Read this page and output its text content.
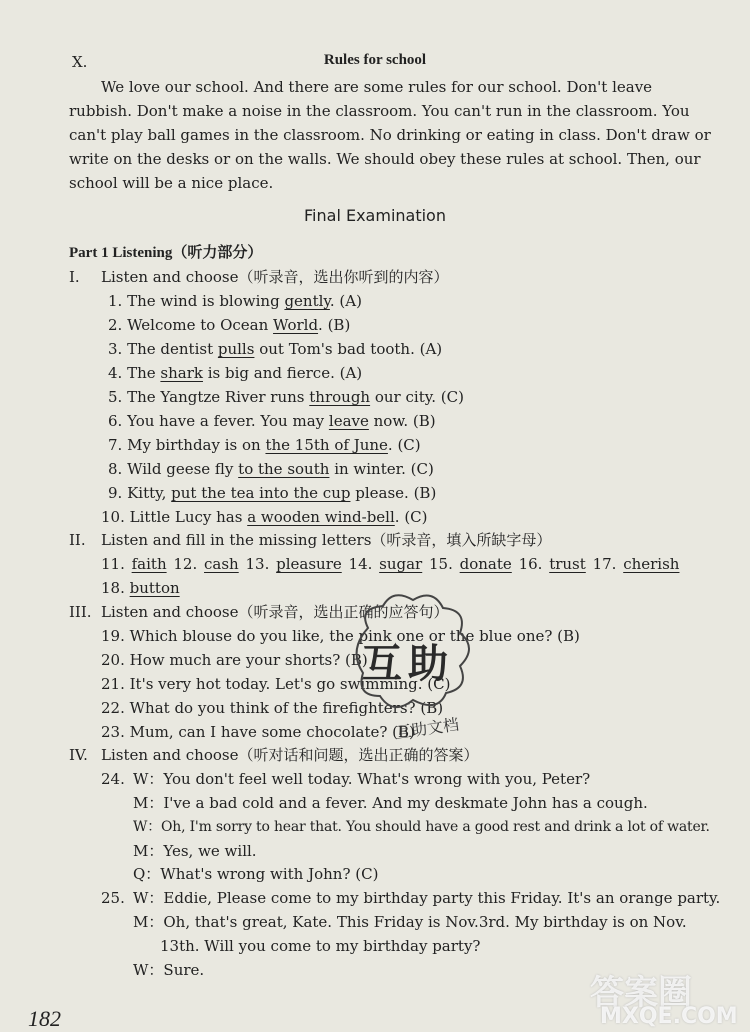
X.	Rules for school
We love our school. And there are some rules for our school. Don't leave
rubbish. Don't make a noise in the classroom. You can't run in the classroom. You
can't play ball games in the classroom. No drinking or eating in class. Don't draw or
write on the desks or on the walls. We should obey these rules at school. Then, our
school will be a nice place.
Final Examination
Part 1 Listening（听力部分）
I. Listen and choose（听录音，选出你听到的内容）
1. The wind is blowing gently. (A)
2. Welcome to Ocean World. (B)
3. The dentist pulls out Tom's bad tooth. (A)
4. The shark is big and fierce. (A)
5. The Yangtze River runs through our city. (C)
6. You have a fever. You may leave now. (B)
7. My birthday is on the 15th of June. (C)
8. Wild geese fly to the south in winter. (C)
9. Kitty, put the tea into the cup please. (B)
10. Little Lucy has a wooden wind-bell. (C)
II. Listen and fill in the missing letters（听录音，填入所缺字母）
11. faith 12. cash 13. pleasure 14. sugar 15. donate 16. trust 17. cherish
18. button
III. Listen and choose（听录音，选出正确的应答句）
19. Which blouse do you like, the pink one or the blue one? (B)
20. How much are your shorts? (B)
21. It's very hot today. Let's go swimming. (C)
22. What do you think of the firefighters? (B)
23. Mum, can I have some chocolate? (B)
IV. Listen and choose（听对话和问题，选出正确的答案）
24. W：You don't feel well today. What's wrong with you, Peter?
M：I've a bad cold and a fever. And my deskmate John has a cough.
W：Oh, I'm sorry to hear that. You should have a good rest and drink a lot of water.
M：Yes, we will.
Q：What's wrong with John? (C)
25. W：Eddie, Please come to my birthday party this Friday. It's an orange party.
M：Oh, that's great, Kate. This Friday is Nov.3rd. My birthday is on Nov.
13th. Will you come to my birthday party?
W：Sure.
互助
互助文档
答案圈
MXQE.COM
182
